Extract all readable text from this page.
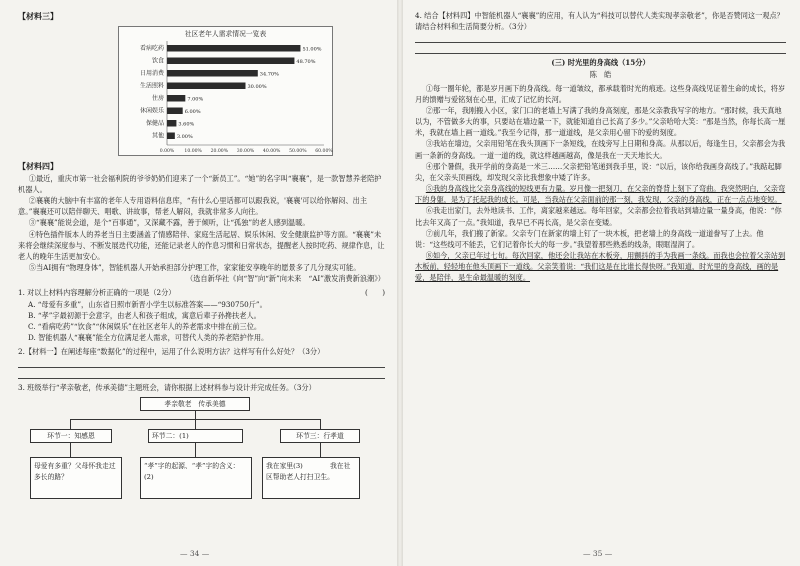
【材料三】
社区老年人需求情况一览表
看病吃药	51.00%
饮食	48.70%
日用消费	34.70%
生活照料	30.00%
住房	7.00%
休闲娱乐	6.00%
保健品	3.60%
其他	3.00%
0.00% 10.00% 20.00% 30.00% 40.00% 50.00% 60.00%
【材料四】

①最近，重庆市第一社会福利院的爷爷奶奶们迎来了一个“新员工”。“她”的名字叫“襄襄”，是一款智慧养老陪护机器人。

②襄襄的大脑中有丰富的老年人专用语料信息库，“有什么心里话都可以跟我说，'襄襄'可以给你解闷、出主意。”襄襄还可以陪伴聊天、唱歌、讲故事，帮老人解闷，我就非常多人向往。

③“襄襄”能说会道，是个“百事通”，又深藏不露，善于倾听，让“孤独”的老人感到温暖。

④特色插件版本人的养老当日主要涵盖了情感陪伴、家庭生活起居、娱乐休闲、安全健康监护等方面。“襄襄”未来将会继续深度参与、不断发展迭代功能，还能记录老人的作息习惯和日常状态，提醒老人按时吃药、规律作息，让老人的晚年生活更加安心。

⑤当AI拥有“物理身体”，智能机器人开始承担部分护理工作，家家能安享晚年的愿景多了几分现实可能。

（选自新华社《向“智”向“新”向未来　“AI”激发消费新浪潮》）

1. 对以上材料内容理解分析正确的一项是（2分）	(　　)

A. “母爱有多重”，山东省日照市新晋小学生以标准答案——“930750斤”。

B. “孝”字最初源于会意字，由老人和孩子组成，寓意后辈子孙搀扶老人。

C. “看病吃药”“饮食”“休闲娱乐”在社区老年人的养老需求中排在前三位。

D. 智能机器人“襄襄”能全方位满足老人需求，可替代人类的养老陪护作用。

2.【材料一】在阐述每座“数据化”的过程中，运用了什么说明方法？这样写有什么好处？（3分）

3. 班级举行“孝亲敬老，传承美德”主题班会，请你根据上述材料参与设计并完成任务。（3分）

孝亲敬老　传承美德
环节一：知感恩	环节二：(1)	环节三：行孝道
母爱有多重？父母怀我走过多长的路？
“孝”字的起源、“孝”字的含义：(2)
我在家里(3)　　　　我在社区帮助老人打扫卫生。
— 34 —

4. 结合【材料四】中智能机器人“襄襄”的应用，有人认为“科技可以替代人类实现孝亲敬老”，你是否赞同这一观点？请结合材料和生活简要分析。（3分）

(三) 时光里的身高线（15分）
陈　皓

①每一圈年轮，都是岁月画下的身高线。每一道皱纹，都承载着时光的痕迹。这些身高线见证着生命的成长，将岁月的馈赠与爱铭刻在心里，汇成了记忆的长河。

②那一年，我刚搬入小区，家门口的老墙上写满了我的身高刻度，那是父亲教我写字的地方。“那时候，我天真地以为，不管做多大的事，只要站在墙边量一下，就能知道自己长高了多少。”父亲哈哈大笑：“那是当然，你每长高一厘米，我就在墙上画一道线。”我至今记得，那一道道线，是父亲用心留下的爱的刻度。

③我站在墙边，父亲用铅笔在我头顶画下一条短线，在线旁写上日期和身高。从那以后，每逢生日，父亲都会为我画一条新的身高线。一道一道的线，就这样越画越高，像是我在一天天地长大。

④那个暑假，我开学前的身高是一米三……父亲把铅笔递到我手里，说：“以后，该你给我画身高线了。”我踮起脚尖，在父亲头顶画线，却发现父亲比我想象中矮了许多。

⑤我的身高线比父亲身高线的短线更有力量。岁月像一把刻刀，在父亲的脊背上刻下了弯曲。我突然明白，父亲弯下的身躯，是为了托起我的成长。可是，当我站在父亲面前的那一刻，我发现，父亲的身高线，正在一点点地变短。

⑥我走出家门，去外地读书、工作，离家越来越远。每年回家，父亲都会拉着我站到墙边量一量身高，他说：“你比去年又高了一点。”我知道，我早已不再长高，是父亲在变矮。

⑦前几年，我们搬了新家。父亲专门在新家的墙上钉了一块木板，把老墙上的身高线一道道誊写了上去。他说：“这些线可不能丢，它们记着你长大的每一步。”我望着那些熟悉的线条，眼眶湿润了。

⑧如今，父亲已年过七旬。每次回家，他还会让我站在木板旁，用颤抖的手为我画一条线。而我也会拉着父亲站到木板前，轻轻地在他头顶画下一道线。父亲笑着说：“我们这是在比谁长得快呀。”我知道，时光里的身高线，画的是爱，是陪伴，是生命最温暖的刻度。

— 35 —
